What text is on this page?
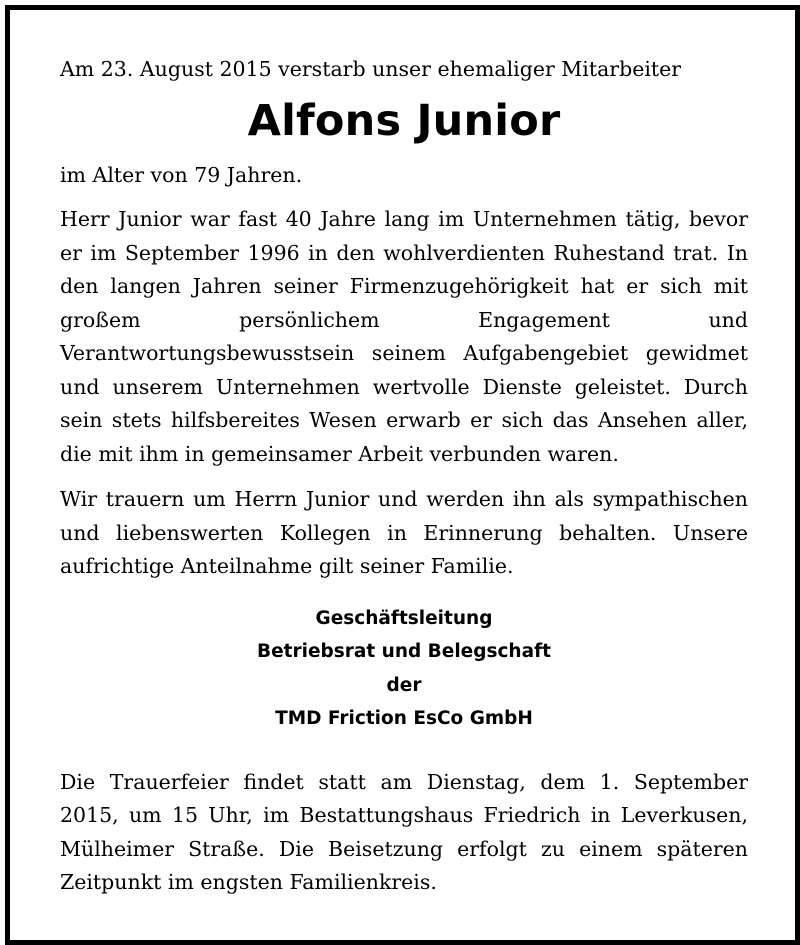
Am 23. August 2015 verstarb unser ehemaliger Mitarbeiter

Alfons Junior

im Alter von 79 Jahren.

Herr Junior war fast 40 Jahre lang im Unternehmen tätig, bevor er im September 1996 in den wohlverdienten Ruhestand trat. In den langen Jahren seiner Firmenzugehörigkeit hat er sich mit großem persönlichem Engagement und Verantwortungsbewusstsein seinem Aufgabengebiet gewidmet und unserem Unternehmen wertvolle Dienste geleistet. Durch sein stets hilfsbereites Wesen erwarb er sich das Ansehen aller, die mit ihm in gemeinsamer Arbeit verbunden waren.

Wir trauern um Herrn Junior und werden ihn als sympathischen und liebenswerten Kollegen in Erinnerung behalten. Unsere aufrichtige Anteilnahme gilt seiner Familie.

Geschäftsleitung
Betriebsrat und Belegschaft
der
TMD Friction EsCo GmbH

Die Trauerfeier findet statt am Dienstag, dem 1. September 2015, um 15 Uhr, im Bestattungshaus Friedrich in Leverkusen, Mülheimer Straße. Die Beisetzung erfolgt zu einem späteren Zeitpunkt im engsten Familienkreis.
